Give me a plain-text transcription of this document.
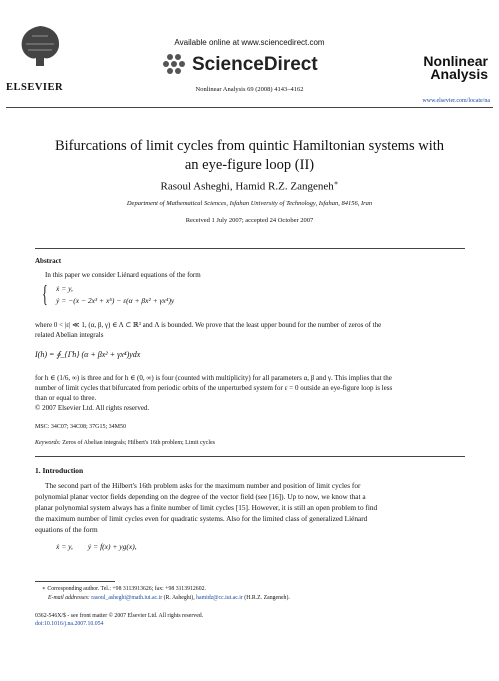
ELSEVIER
Available online at www.sciencedirect.com
ScienceDirect
Nonlinear Analysis 69 (2008) 4143–4162
Nonlinear
Analysis
www.elsevier.com/locate/na
Bifurcations of limit cycles from quintic Hamiltonian systems with
an eye-figure loop (II)
Rasoul Asheghi, Hamid R.Z. Zangeneh∗
Department of Mathematical Sciences, Isfahan University of Technology, Isfahan, 84156, Iran
Received 1 July 2007; accepted 24 October 2007
Abstract
In this paper we consider Liénard equations of the form
{ ẋ = y,
ẏ = −(x − 2x³ + x⁵) − ε(α + βx² + γx⁴)y
where 0 < |ε| ≪ 1, (α, β, γ) ∈ Λ ⊂ ℝ³ and Λ is bounded. We prove that the least upper bound for the number of zeros of the
related Abelian integrals
I(h) = ∮_{Γh} (α + βx² + γx⁴)ydx
for h ∈ (1/6, ∞) is three and for h ∈ (0, ∞) is four (counted with multiplicity) for all parameters α, β and γ. This implies that the
number of limit cycles that bifurcated from periodic orbits of the unperturbed system for ε = 0 outside an eye-figure loop is less
than or equal to three.
© 2007 Elsevier Ltd. All rights reserved.
MSC: 34C07; 34C08; 37G15; 34M50
Keywords: Zeros of Abelian integrals; Hilbert's 16th problem; Limit cycles
1. Introduction
The second part of the Hilbert's 16th problem asks for the maximum number and position of limit cycles for
polynomial planar vector fields depending on the degree of the vector field (see [16]). Up to now, we know that a
planar polynomial system always has a finite number of limit cycles [15]. However, it is still an open problem to find
the maximum number of limit cycles even for quadratic systems. Also for the limited class of generalized Liénard
equations of the form
ẋ = y,        ẏ = f(x) + yg(x),
∗ Corresponding author. Tel.: +98 3113913626; fax: +98 3113912602.
E-mail addresses: rasoul_asheghi@math.iut.ac.ir (R. Asheghi), hamidz@cc.iut.ac.ir (H.R.Z. Zangeneh).
0362-546X/$ - see front matter © 2007 Elsevier Ltd. All rights reserved.
doi:10.1016/j.na.2007.10.054
